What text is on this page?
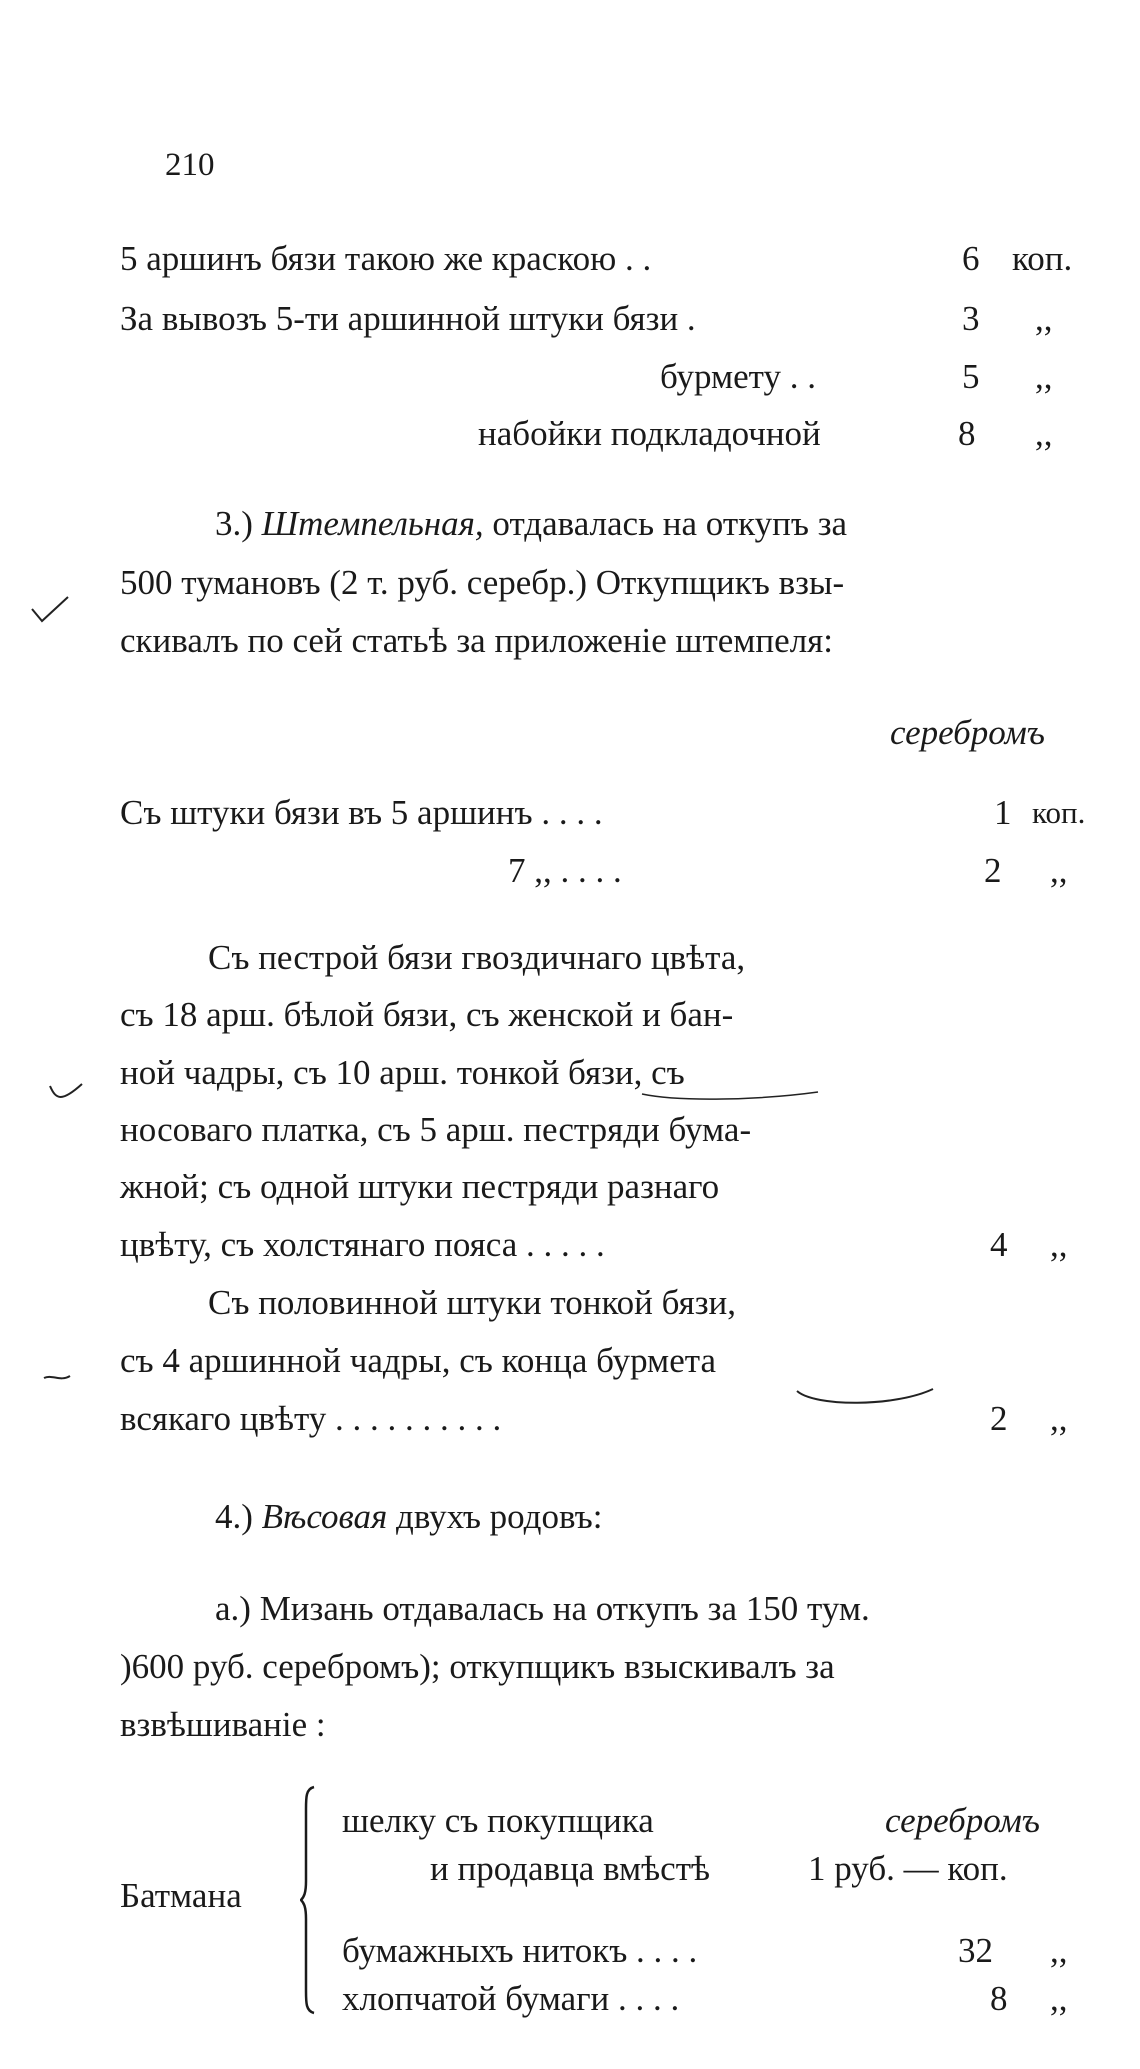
210
5 аршинъ бязи такою же краскою . .	6 коп.
За вывозъ 5-ти аршинной штуки бязи .	3 ,,
бурмету . .	5 ,,
набойки подкладочной	8 ,,
3.) Штемпельная, отдавалась на откупъ за
500 тумановъ (2 т. руб. серебр.) Откупщикъ взы-
скивалъ по сей статьѣ за приложеніе штемпеля:
серебромъ
Съ штуки бязи въ 5 аршинъ . . . .	1 коп.
7 ,, . . . .	2 ,,
Съ пестрой бязи гвоздичнаго цвѣта,
съ 18 арш. бѣлой бязи, съ женской и бан-
ной чадры, съ 10 арш. тонкой бязи, съ
носоваго платка, съ 5 арш. пестряди бума-
жной; съ одной штуки пестряди разнаго
цвѣту, съ холстянаго пояса . . . . .	4 ,,
Съ половинной штуки тонкой бязи,
съ 4 аршинной чадры, съ конца бурмета
всякаго цвѣту . . . . . . . . . .	2 ,,
4.) Вѣсовая двухъ родовъ:
а.) Мизань отдавалась на откупъ за 150 тум.
)600 руб. серебромъ); откупщикъ взыскивалъ за
взвѣшиваніе :
Батмана
шелку съ покупщика	серебромъ
и продавца вмѣстѣ	1 руб. — коп.
бумажныхъ нитокъ . . . .	32 ,,
хлопчатой бумаги . . . .	8 ,,
